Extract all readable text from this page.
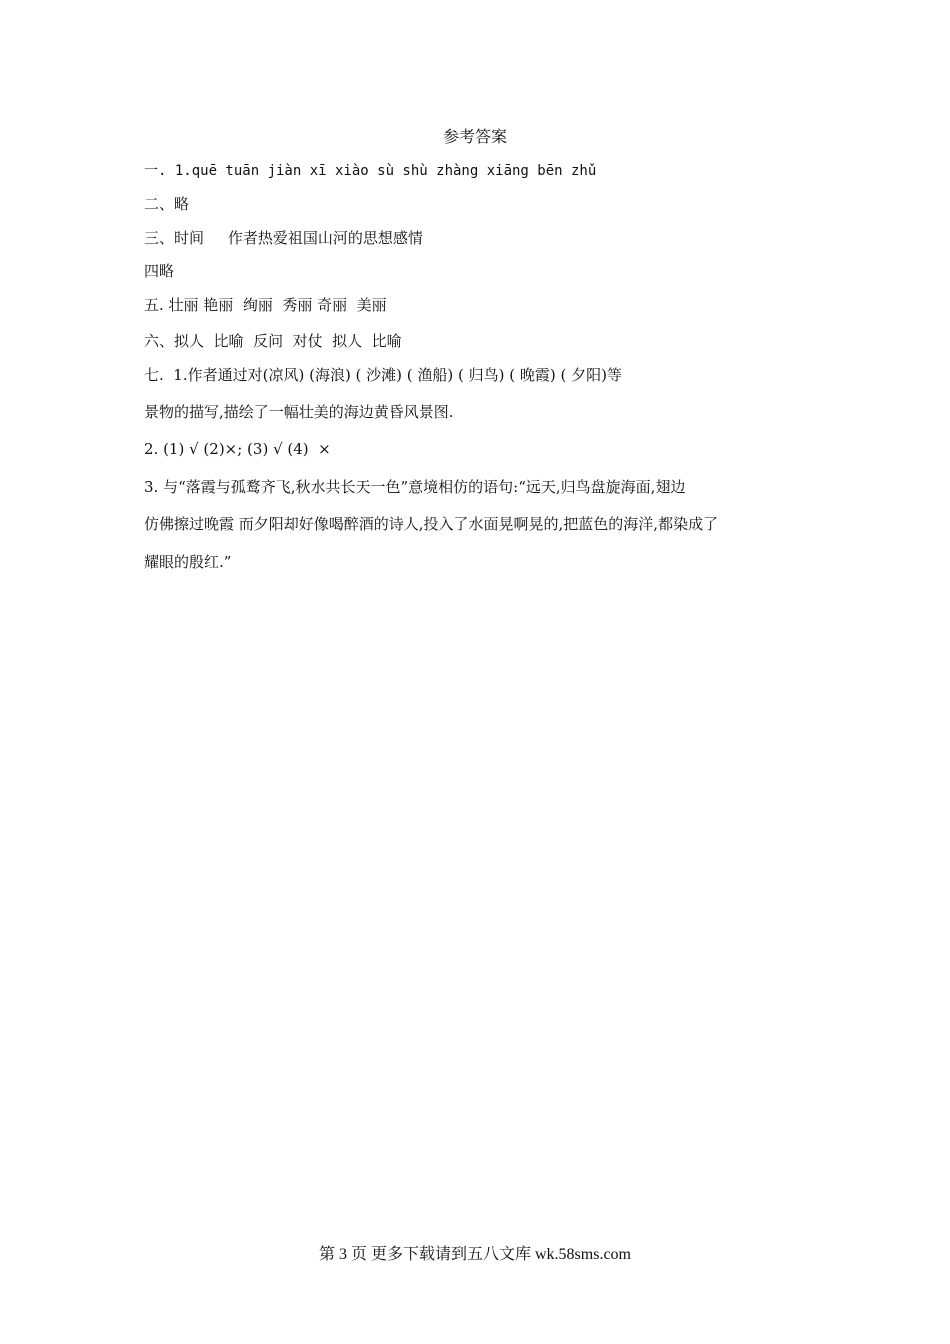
参考答案
一. 1.quē tuān jiàn xī xiào sù shù zhàng xiāng bēn zhǔ
二、略
三、时间     作者热爱祖国山河的思想感情
四略
五. 壮丽 艳丽  绚丽  秀丽 奇丽  美丽
六、拟人  比喻  反问  对仗  拟人  比喻
七.  1.作者通过对(凉风) (海浪) ( 沙滩) ( 渔船) ( 归鸟) ( 晚霞) ( 夕阳)等
景物的描写,描绘了一幅壮美的海边黄昏风景图.
2. (1) √ (2)×; (3) √ (4)  ×
3. 与“落霞与孤鹜齐飞,秋水共长天一色”意境相仿的语句:“远天,归鸟盘旋海面,翅边
仿佛擦过晚霞 而夕阳却好像喝醉酒的诗人,投入了水面晃啊晃的,把蓝色的海洋,都染成了
耀眼的殷红.”
第 3 页 更多下载请到五八文库 wk.58sms.com
